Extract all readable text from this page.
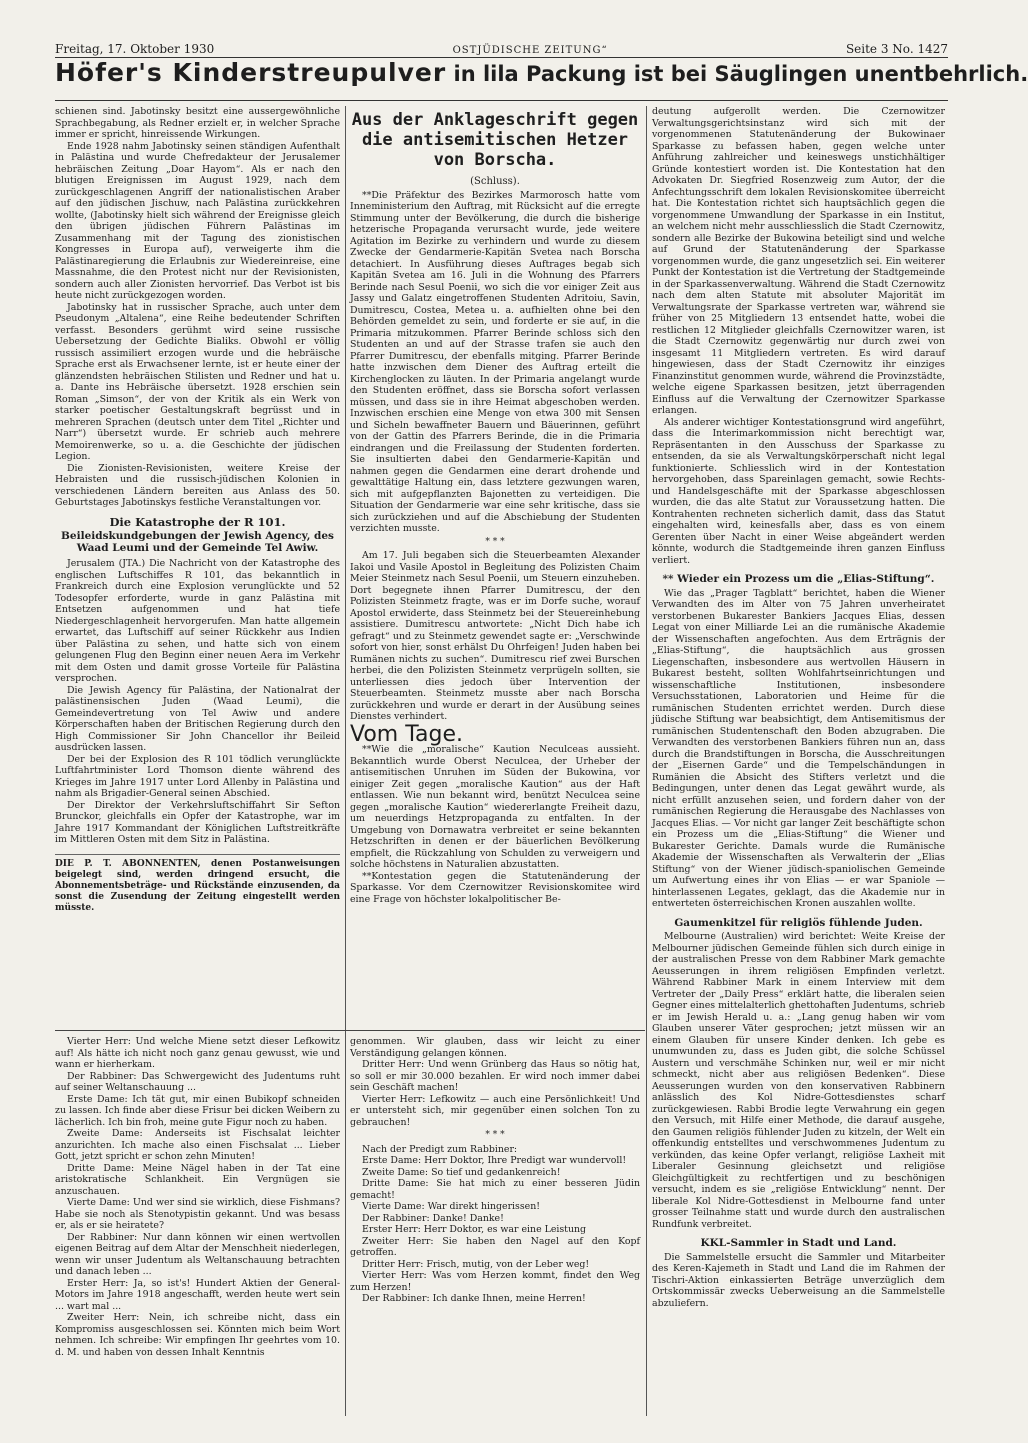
Freitag, 17. Oktober 1930	OSTJÜDISCHE ZEITUNG“	Seite 3 No. 1427
Höfer's Kinderstreupulver in lila Packung ist bei Säuglingen unentbehrlich.

schienen sind. Jabotinsky besitzt eine aussergewöhnliche Sprachbegabung, als Redner erzielt er, in welcher Sprache immer er spricht, hinreissende Wirkungen.

Ende 1928 nahm Jabotinsky seinen ständigen Aufenthalt in Palästina und wurde Chefredakteur der Jerusalemer hebräischen Zeitung „Doar Hayom“. Als er nach den blutigen Ereignissen im August 1929, nach dem zurückgeschlagenen Angriff der nationalistischen Araber auf den jüdischen Jischuw, nach Palästina zurückkehren wollte, (Jabotinsky hielt sich während der Ereignisse gleich den übrigen jüdischen Führern Palästinas im Zusammenhang mit der Tagung des zionistischen Kongresses in Europa auf), verweigerte ihm die Palästinaregierung die Erlaubnis zur Wiedereinreise, eine Massnahme, die den Protest nicht nur der Revisionisten, sondern auch aller Zionisten hervorrief. Das Verbot ist bis heute nicht zurückgezogen worden.

Jabotinsky hat in russischer Sprache, auch unter dem Pseudonym „Altalena“, eine Reihe bedeutender Schriften verfasst. Besonders gerühmt wird seine russische Uebersetzung der Gedichte Bialiks. Obwohl er völlig russisch assimiliert erzogen wurde und die hebräische Sprache erst als Erwachsener lernte, ist er heute einer der glänzendsten hebräischen Stilisten und Redner und hat u. a. Dante ins Hebräische übersetzt. 1928 erschien sein Roman „Simson“, der von der Kritik als ein Werk von starker poetischer Gestaltungskraft begrüsst und in mehreren Sprachen (deutsch unter dem Titel „Richter und Narr“) übersetzt wurde. Er schrieb auch mehrere Memoirenwerke, so u. a. die Geschichte der jüdischen Legion.

Die Zionisten-Revisionisten, weitere Kreise der Hebraisten und die russisch-jüdischen Kolonien in verschiedenen Ländern bereiten aus Anlass des 50. Geburtstages Jabotinskys festliche Veranstaltungen vor.

Die Katastrophe der R 101.
Beileidskundgebungen der Jewish Agency, des Waad Leumi und der Gemeinde Tel Awiw.

Jerusalem (JTA.) Die Nachricht von der Katastrophe des englischen Luftschiffes R 101, das bekanntlich in Frankreich durch eine Explosion verunglückte und 52 Todesopfer erforderte, wurde in ganz Palästina mit Entsetzen aufgenommen und hat tiefe Niedergeschlagenheit hervorgerufen. Man hatte allgemein erwartet, das Luftschiff auf seiner Rückkehr aus Indien über Palästina zu sehen, und hatte sich von einem gelungenen Flug den Beginn einer neuen Aera im Verkehr mit dem Osten und damit grosse Vorteile für Palästina versprochen.

Die Jewish Agency für Palästina, der Nationalrat der palästinensischen Juden (Waad Leumi), die Gemeindevertretung von Tel Awiw und andere Körperschaften haben der Britischen Regierung durch den High Commissioner Sir John Chancellor ihr Beileid ausdrücken lassen.

Der bei der Explosion des R 101 tödlich verunglückte Luftfahrtminister Lord Thomson diente während des Krieges im Jahre 1917 unter Lord Allenby in Palästina und nahm als Brigadier-General seinen Abschied.

Der Direktor der Verkehrsluftschiffahrt Sir Sefton Brunckor, gleichfalls ein Opfer der Katastrophe, war im Jahre 1917 Kommandant der Königlichen Luftstreitkräfte im Mittleren Osten mit dem Sitz in Palästina.

DIE P. T. ABONNENTEN, denen Postanweisungen beigelegt sind, werden dringend ersucht, die Abonnementsbeträge- und Rückstände einzusenden, da sonst die Zusendung der Zeitung eingestellt werden müsste.
Aus der Anklageschrift gegen die antisemitischen Hetzer von Borscha.
(Schluss).

**Die Präfektur des Bezirkes Marmorosch hatte vom Inneministerium den Auftrag, mit Rücksicht auf die erregte Stimmung unter der Bevölkerung, die durch die bisherige hetzerische Propaganda verursacht wurde, jede weitere Agitation im Bezirke zu verhindern und wurde zu diesem Zwecke der Gendarmerie-Kapitän Svetea nach Borscha detachiert. In Ausführung dieses Auftrages begab sich Kapitän Svetea am 16. Juli in die Wohnung des Pfarrers Berinde nach Sesul Poenii, wo sich die vor einiger Zeit aus Jassy und Galatz eingetroffenen Studenten Adritoiu, Savin, Dumitrescu, Costea, Metea u. a. aufhielten ohne bei den Behörden gemeldet zu sein, und forderte er sie auf, in die Primaria mitzukommen. Pfarrer Berinde schloss sich den Studenten an und auf der Strasse trafen sie auch den Pfarrer Dumitrescu, der ebenfalls mitging. Pfarrer Berinde hatte inzwischen dem Diener des Auftrag erteilt die Kirchenglocken zu läuten. In der Primaria angelangt wurde den Studenten eröffnet, dass sie Borscha sofort verlassen müssen, und dass sie in ihre Heimat abgeschoben werden. Inzwischen erschien eine Menge von etwa 300 mit Sensen und Sicheln bewaffneter Bauern und Bäuerinnen, geführt von der Gattin des Pfarrers Berinde, die in die Primaria eindrangen und die Freilassung der Studenten forderten. Sie insultierten dabei den Gendarmerie-Kapitän und nahmen gegen die Gendarmen eine derart drohende und gewalttätige Haltung ein, dass letztere gezwungen waren, sich mit aufgepflanzten Bajonetten zu verteidigen. Die Situation der Gendarmerie war eine sehr kritische, dass sie sich zurückziehen und auf die Abschiebung der Studenten verzichten musste.

* * *

Am 17. Juli begaben sich die Steuerbeamten Alexander Iakoi und Vasile Apostol in Begleitung des Polizisten Chaim Meier Steinmetz nach Sesul Poenii, um Steuern einzuheben. Dort begegnete ihnen Pfarrer Dumitrescu, der den Polizisten Steinmetz fragte, was er im Dorfe suche, worauf Apostol erwiderte, dass Steinmetz bei der Steuereinhebung assistiere. Dumitrescu antwortete: „Nicht Dich habe ich gefragt“ und zu Steinmetz gewendet sagte er: „Verschwinde sofort von hier, sonst erhälst Du Ohrfeigen! Juden haben bei Rumänen nichts zu suchen“. Dumitrescu rief zwei Burschen herbei, die den Polizisten Steinmetz verprügeln sollten, sie unterliessen dies jedoch über Intervention der Steuerbeamten. Steinmetz musste aber nach Borscha zurückkehren und wurde er derart in der Ausübung seines Dienstes verhindert.

Vom Tage.

**Wie die „moralische“ Kaution Neculceas aussieht. Bekanntlich wurde Oberst Neculcea, der Urheber der antisemitischen Unruhen im Süden der Bukowina, vor einiger Zeit gegen „moralische Kaution“ aus der Haft entlassen. Wie nun bekannt wird, benützt Neculcea seine gegen „moralische Kaution“ wiedererlangte Freiheit dazu, um neuerdings Hetzpropaganda zu entfalten. In der Umgebung von Dornawatra verbreitet er seine bekannten Hetzschriften in denen er der bäuerlichen Bevölkerung empfielt, die Rückzahlung von Schulden zu verweigern und solche höchstens in Naturalien abzustatten.

**Kontestation gegen die Statutenänderung der Sparkasse. Vor dem Czernowitzer Revisionskomitee wird eine Frage von höchster lokalpolitischer Be-

deutung aufgerollt werden. Die Czernowitzer Verwaltungsgerichtsinstanz wird sich mit der vorgenommenen Statutenänderung der Bukowinaer Sparkasse zu befassen haben, gegen welche unter Anführung zahlreicher und keineswegs unstichhältiger Gründe kontestiert worden ist. Die Kontestation hat den Advokaten Dr. Siegfried Rosenzweig zum Autor, der die Anfechtungsschrift dem lokalen Revisionskomitee überreicht hat. Die Kontestation richtet sich hauptsächlich gegen die vorgenommene Umwandlung der Sparkasse in ein Institut, an welchem nicht mehr ausschliesslich die Stadt Czernowitz, sondern alle Bezirke der Bukowina beteiligt sind und welche auf Grund der Statutenänderung der Sparkasse vorgenommen wurde, die ganz ungesetzlich sei. Ein weiterer Punkt der Kontestation ist die Vertretung der Stadtgemeinde in der Sparkassenverwaltung. Während die Stadt Czernowitz nach dem alten Statute mit absoluter Majorität im Verwaltungsrate der Sparkasse vertreten war, während sie früher von 25 Mitgliedern 13 entsendet hatte, wobei die restlichen 12 Mitglieder gleichfalls Czernowitzer waren, ist die Stadt Czernowitz gegenwärtig nur durch zwei von insgesamt 11 Mitgliedern vertreten. Es wird darauf hingewiesen, dass der Stadt Czernowitz ihr einziges Finanzinstitut genommen wurde, während die Provinzstädte, welche eigene Sparkassen besitzen, jetzt überragenden Einfluss auf die Verwaltung der Czernowitzer Sparkasse erlangen.

Als anderer wichtiger Kontestationsgrund wird angeführt, dass die Interimarkommission nicht berechtigt war, Repräsentanten in den Ausschuss der Sparkasse zu entsenden, da sie als Verwaltungskörperschaft nicht legal funktionierte. Schliesslich wird in der Kontestation hervorgehoben, dass Spareinlagen gemacht, sowie Rechts- und Handelsgeschäfte mit der Sparkasse abgeschlossen wurden, die das alte Statut zur Voraussetzung hatten. Die Kontrahenten rechneten sicherlich damit, dass das Statut eingehalten wird, keinesfalls aber, dass es von einem Gerenten über Nacht in einer Weise abgeändert werden könnte, wodurch die Stadtgemeinde ihren ganzen Einfluss verliert.

** Wieder ein Prozess um die „Elias-Stiftung“.

Wie das „Prager Tagblatt“ berichtet, haben die Wiener Verwandten des im Alter von 75 Jahren unverheiratet verstorbenen Bukarester Bankiers Jacques Elias, dessen Legat von einer Milliarde Lei an die rumänische Akademie der Wissenschaften angefochten. Aus dem Erträgnis der „Elias-Stiftung“, die hauptsächlich aus grossen Liegenschaften, insbesondere aus wertvollen Häusern in Bukarest besteht, sollten Wohlfahrtseinrichtungen und wissenschaftliche Institutionen, insbesondere Versuchsstationen, Laboratorien und Heime für die rumänischen Studenten errichtet werden. Durch diese jüdische Stiftung war beabsichtigt, dem Antisemitismus der rumänischen Studentenschaft den Boden abzugraben. Die Verwandten des verstorbenen Bankiers führen nun an, dass durch die Brandstiftungen in Borscha, die Ausschreitungen der „Eisernen Garde“ und die Tempelschändungen in Rumänien die Absicht des Stifters verletzt und die Bedingungen, unter denen das Legat gewährt wurde, als nicht erfüllt anzusehen seien, und fordern daher von der rumänischen Regierung die Herausgabe des Nachlasses von Jacques Elias. — Vor nicht gar langer Zeit beschäftigte schon ein Prozess um die „Elias-Stiftung“ die Wiener und Bukarester Gerichte. Damals wurde die Rumänische Akademie der Wissenschaften als Verwalterin der „Elias Stiftung“ von der Wiener jüdisch-spaniolischen Gemeinde um Aufwertung eines ihr von Elias — er war Spaniole — hinterlassenen Legates, geklagt, das die Akademie nur in entwerteten österreichischen Kronen auszahlen wollte.

Gaumenkitzel für religiös fühlende Juden.

Melbourne (Australien) wird berichtet: Weite Kreise der Melbourner jüdischen Gemeinde fühlen sich durch einige in der australischen Presse von dem Rabbiner Mark gemachte Aeusserungen in ihrem religiösen Empfinden verletzt. Während Rabbiner Mark in einem Interview mit dem Vertreter der „Daily Press“ erklärt hatte, die liberalen seien Gegner eines mittelalterlich ghettohaften Judentums, schrieb er im Jewish Herald u. a.: „Lang genug haben wir vom Glauben unserer Väter gesprochen; jetzt müssen wir an einem Glauben für unsere Kinder denken. Ich gebe es unumwunden zu, dass es Juden gibt, die solche Schüssel Austern und verschmähe Schinken nur, weil er mir nicht schmeckt, nicht aber aus religiösen Bedenken“. Diese Aeusserungen wurden von den konservativen Rabbinern anlässlich des Kol Nidre-Gottesdienstes scharf zurückgewiesen. Rabbi Brodie legte Verwahrung ein gegen den Versuch, mit Hilfe einer Methode, die darauf ausgehe, den Gaumen religiös fühlender Juden zu kitzeln, der Welt ein offenkundig entstelltes und verschwommenes Judentum zu verkünden, das keine Opfer verlangt, religiöse Laxheit mit Liberaler Gesinnung gleichsetzt und religiöse Gleichgültigkeit zu rechtfertigen und zu beschönigen versucht, indem es sie „religiöse Entwicklung“ nennt. Der liberale Kol Nidre-Gottesdienst in Melbourne fand unter grosser Teilnahme statt und wurde durch den australischen Rundfunk verbreitet.

KKL-Sammler in Stadt und Land.

Die Sammelstelle ersucht die Sammler und Mitarbeiter des Keren-Kajemeth in Stadt und Land die im Rahmen der Tischri-Aktion einkassierten Beträge unverzüglich dem Ortskommissär zwecks Ueberweisung an die Sammelstelle abzuliefern.

Vierter Herr: Und welche Miene setzt dieser Lefkowitz auf! Als hätte ich nicht noch ganz genau gewusst, wie und wann er hierherkam.

Der Rabbiner: Das Schwergewicht des Judentums ruht auf seiner Weltanschauung ...

Erste Dame: Ich tät gut, mir einen Bubikopf schneiden zu lassen. Ich finde aber diese Frisur bei dicken Weibern zu lächerlich. Ich bin froh, meine gute Figur noch zu haben.

Zweite Dame: Anderseits ist Fischsalat leichter anzurichten. Ich mache also einen Fischsalat ... Lieber Gott, jetzt spricht er schon zehn Minuten!

Dritte Dame: Meine Nägel haben in der Tat eine aristokratische Schlankheit. Ein Vergnügen sie anzuschauen.

Vierte Dame: Und wer sind sie wirklich, diese Fishmans? Habe sie noch als Stenotypistin gekannt. Und was besass er, als er sie heiratete?

Der Rabbiner: Nur dann können wir einen wertvollen eigenen Beitrag auf dem Altar der Menschheit niederlegen, wenn wir unser Judentum als Weltanschauung betrachten und danach leben ...

Erster Herr: Ja, so ist's! Hundert Aktien der General-Motors im Jahre 1918 angeschafft, werden heute wert sein ... wart mal ...

Zweiter Herr: Nein, ich schreibe nicht, dass ein Kompromiss ausgeschlossen sei. Könnten mich beim Wort nehmen. Ich schreibe: Wir empfingen Ihr geehrtes vom 10. d. M. und haben von dessen Inhalt Kenntnis

genommen. Wir glauben, dass wir leicht zu einer Verständigung gelangen können.

Dritter Herr: Und wenn Grünberg das Haus so nötig hat, so soll er mir 30.000 bezahlen. Er wird noch immer dabei sein Geschäft machen!

Vierter Herr: Lefkowitz — auch eine Persönlichkeit! Und er untersteht sich, mir gegenüber einen solchen Ton zu gebrauchen!

* * *

Nach der Predigt zum Rabbiner:

Erste Dame: Herr Doktor, Ihre Predigt war wundervoll!

Zweite Dame: So tief und gedankenreich!

Dritte Dame: Sie hat mich zu einer besseren Jüdin gemacht!

Vierte Dame: War direkt hingerissen!

Der Rabbiner: Danke! Danke!

Erster Herr: Herr Doktor, es war eine Leistung

Zweiter Herr: Sie haben den Nagel auf den Kopf getroffen.

Dritter Herr: Frisch, mutig, von der Leber weg!

Vierter Herr: Was vom Herzen kommt, findet den Weg zum Herzen!

Der Rabbiner: Ich danke Ihnen, meine Herren!
